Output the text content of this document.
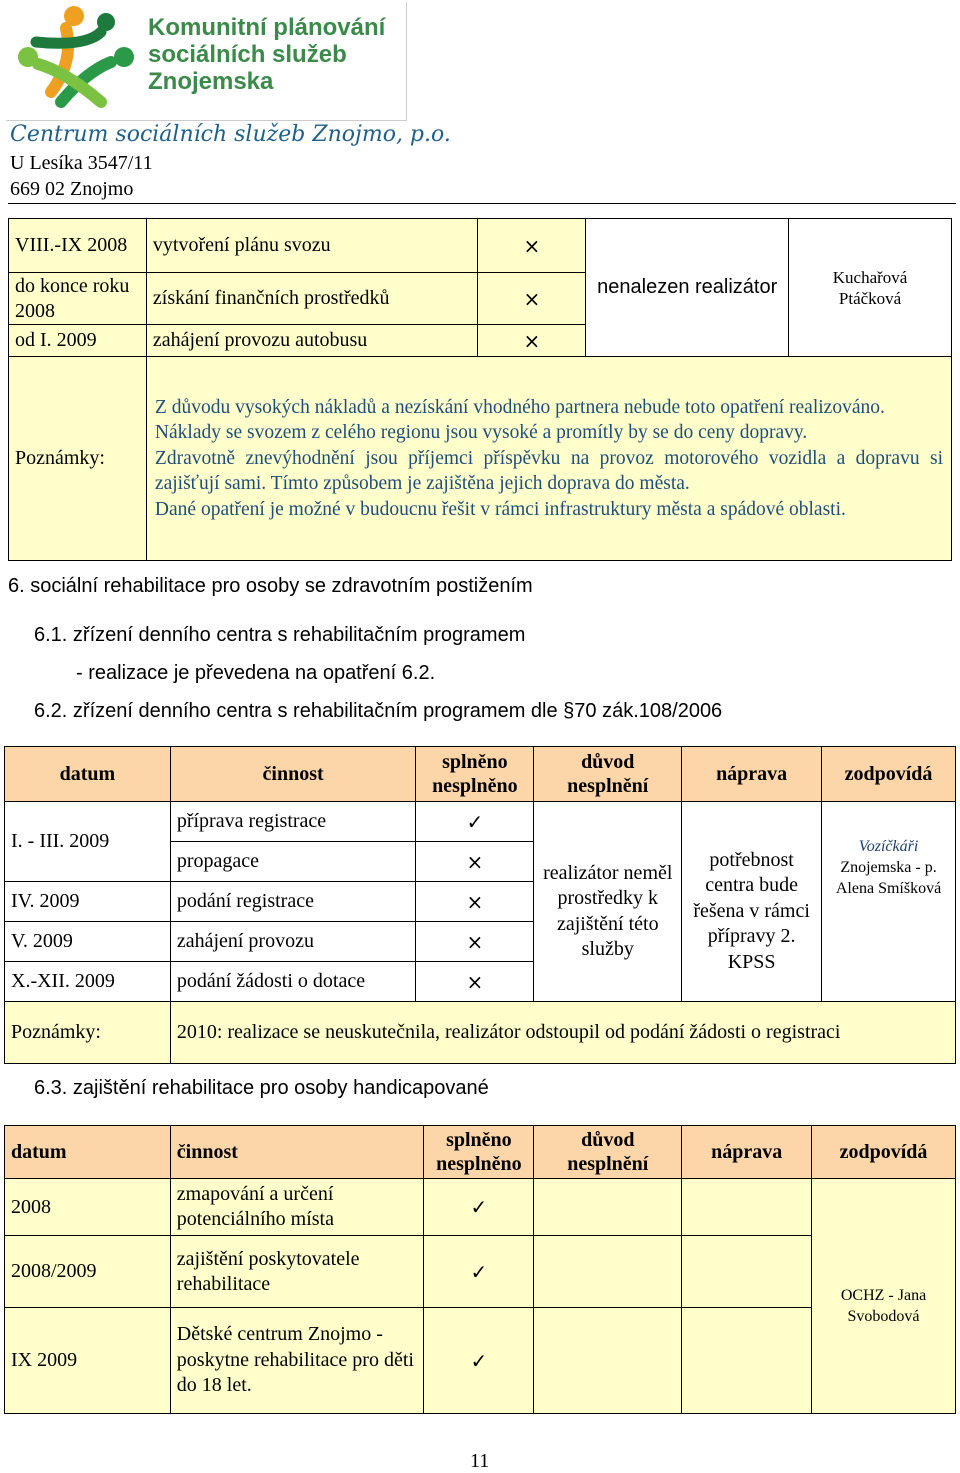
Komunitní plánování
sociálních služeb
Znojemska
Centrum sociálních služeb Znojmo, p.o.
U Lesíka 3547/11
669 02 Znojmo
VIII.-IX 2008	vytvoření plánu svozu	×	nenalezen realizátor	Kuchařová
Ptáčková

do konce roku 2008	získání finančních prostředků	×		
od I. 2009	zahájení provozu autobusu	×		
Poznámky:	Z důvodu vysokých nákladů a nezískání vhodného partnera nebude toto opatření realizováno.
Náklady se svozem z celého regionu jsou vysoké a promítly by se do ceny dopravy.
Zdravotně znevýhodnění jsou příjemci příspěvku na provoz motorového vozidla a dopravu si zajišťují sami. Tímto způsobem je zajištěna jejich doprava do města.
Dané opatření je možné v budoucnu řešit v rámci infrastruktury města a spádové oblasti.			
6. sociální rehabilitace pro osoby se zdravotním postižením
6.1. zřízení denního centra s rehabilitačním programem
- realizace je převedena na opatření 6.2.
6.2. zřízení denního centra s rehabilitačním programem dle §70 zák.108/2006
datum	činnost	splněno nesplněno	důvod nesplnění	náprava	zodpovídá
I. - III. 2009	příprava registrace	✓	realizátor neměl prostředky k zajištění této služby	potřebnost centra bude řešena v rámci přípravy 2. KPSS	Vozíčkáři
Znojemska - p. Alena Smíšková

	propagace	×			
IV. 2009	podání registrace	×			
V. 2009	zahájení provozu	×			
X.-XII. 2009	podání žádosti o dotace	×			
Poznámky:	2010: realizace se neuskutečnila, realizátor odstoupil od podání žádosti o registraci				
6.3. zajištění rehabilitace pro osoby handicapované
datum	činnost	splněno nesplněno	důvod nesplnění	náprava	zodpovídá
2008	zmapování a určení potenciálního místa	✓			OCHZ - Jana Svobodová
2008/2009	zajištění poskytovatele rehabilitace	✓			
IX 2009	Dětské centrum Znojmo - poskytne rehabilitace pro děti do 18 let.	✓			
11
